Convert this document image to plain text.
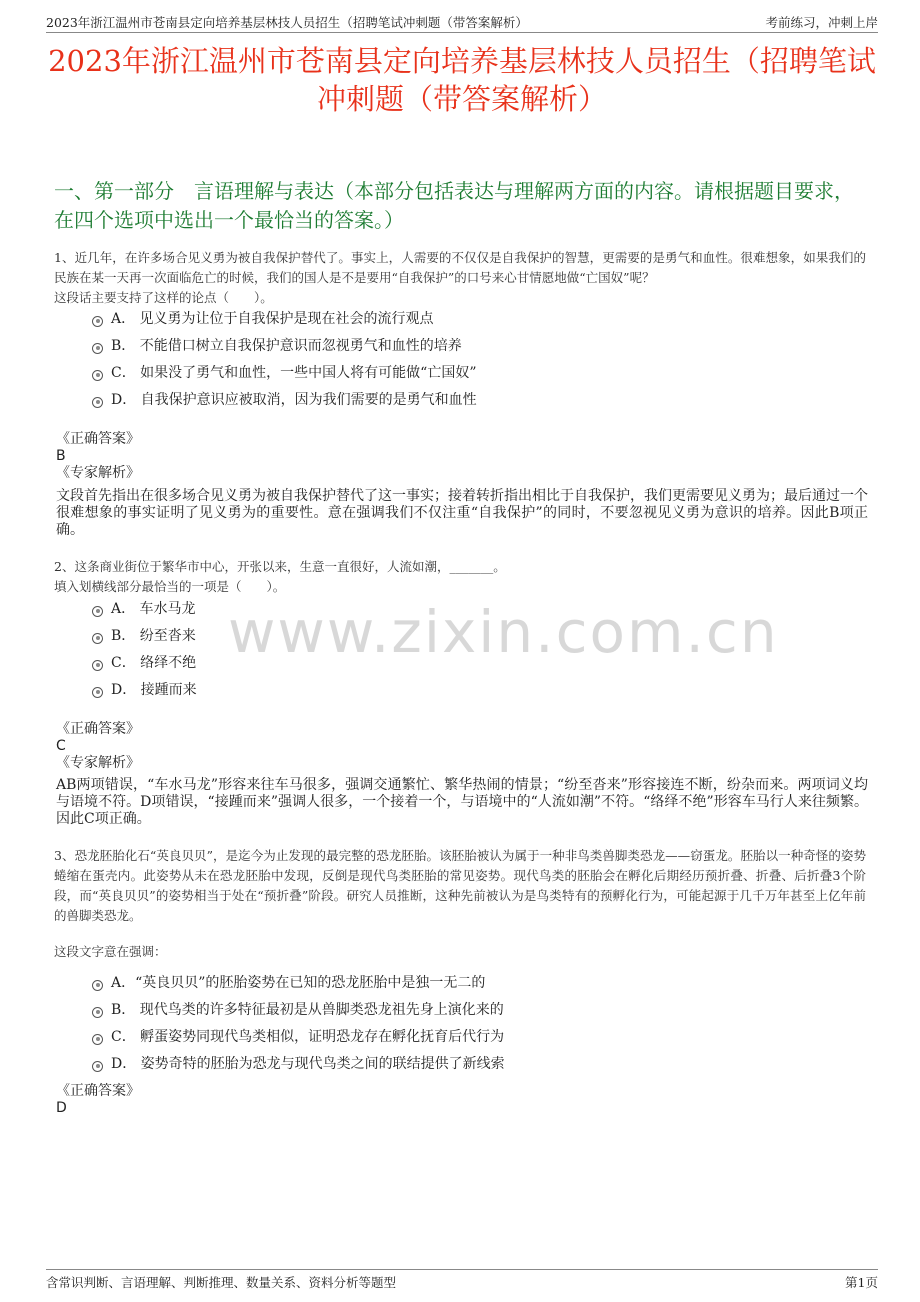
2023年浙江温州市苍南县定向培养基层林技人员招生（招聘笔试冲刺题（带答案解析）	考前练习，冲刺上岸
2023年浙江温州市苍南县定向培养基层林技人员招生（招聘笔试冲刺题（带答案解析）
一、第一部分　言语理解与表达（本部分包括表达与理解两方面的内容。请根据题目要求，在四个选项中选出一个最恰当的答案。）
www.zixin.com.cn

1、近几年，在许多场合见义勇为被自我保护替代了。事实上，人需要的不仅仅是自我保护的智慧，更需要的是勇气和血性。很难想象，如果我们的民族在某一天再一次面临危亡的时候，我们的国人是不是要用“自我保护”的口号来心甘情愿地做“亡国奴”呢？

这段话主要支持了这样的论点（　　）。

A． 见义勇为让位于自我保护是现在社会的流行观点
B． 不能借口树立自我保护意识而忽视勇气和血性的培养
C． 如果没了勇气和血性，一些中国人将有可能做“亡国奴”
D． 自我保护意识应被取消，因为我们需要的是勇气和血性
《正确答案》
B
《专家解析》
文段首先指出在很多场合见义勇为被自我保护替代了这一事实；接着转折指出相比于自我保护，我们更需要见义勇为；最后通过一个很难想象的事实证明了见义勇为的重要性。意在强调我们不仅注重“自我保护”的同时，不要忽视见义勇为意识的培养。因此B项正确。

2、这条商业街位于繁华市中心，开张以来，生意一直很好，人流如潮，_______。

填入划横线部分最恰当的一项是（　　）。

A． 车水马龙
B． 纷至沓来
C． 络绎不绝
D． 接踵而来
《正确答案》
C
《专家解析》
AB两项错误，“车水马龙”形容来往车马很多，强调交通繁忙、繁华热闹的情景；“纷至沓来”形容接连不断，纷杂而来。两项词义均与语境不符。D项错误，“接踵而来”强调人很多，一个接着一个，与语境中的“人流如潮”不符。“络绎不绝”形容车马行人来往频繁。因此C项正确。

3、恐龙胚胎化石“英良贝贝”，是迄今为止发现的最完整的恐龙胚胎。该胚胎被认为属于一种非鸟类兽脚类恐龙——窃蛋龙。胚胎以一种奇怪的姿势蜷缩在蛋壳内。此姿势从未在恐龙胚胎中发现，反倒是现代鸟类胚胎的常见姿势。现代鸟类的胚胎会在孵化后期经历预折叠、折叠、后折叠3个阶段，而“英良贝贝”的姿势相当于处在“预折叠”阶段。研究人员推断，这种先前被认为是鸟类特有的预孵化行为，可能起源于几千万年甚至上亿年前的兽脚类恐龙。

这段文字意在强调：

A．“英良贝贝”的胚胎姿势在已知的恐龙胚胎中是独一无二的
B． 现代鸟类的许多特征最初是从兽脚类恐龙祖先身上演化来的
C． 孵蛋姿势同现代鸟类相似，证明恐龙存在孵化抚育后代行为
D． 姿势奇特的胚胎为恐龙与现代鸟类之间的联结提供了新线索
《正确答案》
D
含常识判断、言语理解、判断推理、数量关系、资料分析等题型	第1页
